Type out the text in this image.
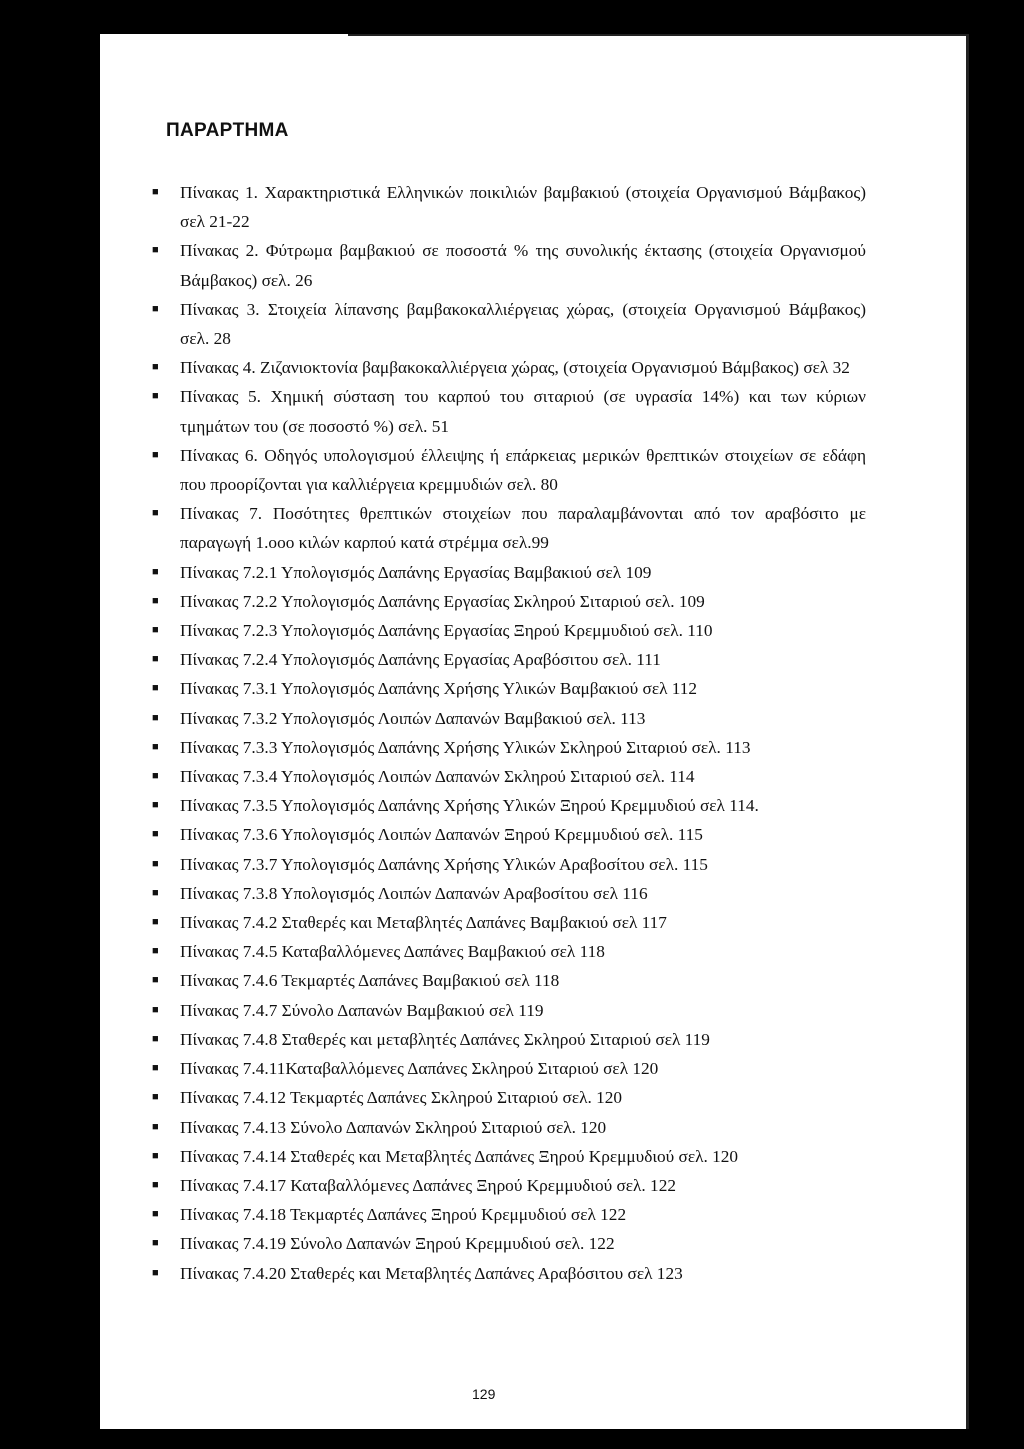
ΠΑΡΑΡΤΗΜΑ
■ Πίνακας 1. Χαρακτηριστικά Ελληνικών ποικιλιών βαμβακιού (στοιχεία Οργανισμού Βάμβακος) σελ 21-22
■ Πίνακας 2. Φύτρωμα βαμβακιού σε ποσοστά % της συνολικής έκτασης (στοιχεία Οργανισμού Βάμβακος) σελ. 26
■ Πίνακας 3. Στοιχεία λίπανσης βαμβακοκαλλιέργειας χώρας, (στοιχεία Οργανισμού Βάμβακος) σελ. 28
■ Πίνακας 4. Ζιζανιοκτονία βαμβακοκαλλιέργεια χώρας, (στοιχεία Οργανισμού Βάμβακος) σελ 32
■ Πίνακας 5. Χημική σύσταση του καρπού του σιταριού (σε υγρασία 14%) και των κύριων τμημάτων του (σε ποσοστό %) σελ. 51
■ Πίνακας 6. Οδηγός υπολογισμού έλλειψης ή επάρκειας μερικών θρεπτικών στοιχείων σε εδάφη που προορίζονται για καλλιέργεια κρεμμυδιών σελ. 80
■ Πίνακας 7. Ποσότητες θρεπτικών στοιχείων που παραλαμβάνονται από τον αραβόσιτο με παραγωγή 1.οοο κιλών καρπού κατά στρέμμα σελ.99
■ Πίνακας 7.2.1 Υπολογισμός Δαπάνης Εργασίας Βαμβακιού σελ 109
■ Πίνακας 7.2.2 Υπολογισμός Δαπάνης Εργασίας Σκληρού Σιταριού σελ. 109
■ Πίνακας 7.2.3 Υπολογισμός Δαπάνης Εργασίας Ξηρού Κρεμμυδιού σελ. 110
■ Πίνακας 7.2.4 Υπολογισμός Δαπάνης Εργασίας Αραβόσιτου σελ. 111
■ Πίνακας 7.3.1 Υπολογισμός Δαπάνης Χρήσης Υλικών Βαμβακιού σελ 112
■ Πίνακας 7.3.2 Υπολογισμός Λοιπών Δαπανών Βαμβακιού σελ. 113
■ Πίνακας 7.3.3 Υπολογισμός Δαπάνης Χρήσης Υλικών Σκληρού Σιταριού σελ. 113
■ Πίνακας 7.3.4 Υπολογισμός Λοιπών Δαπανών Σκληρού Σιταριού σελ. 114
■ Πίνακας 7.3.5 Υπολογισμός Δαπάνης Χρήσης Υλικών Ξηρού Κρεμμυδιού σελ 114.
■ Πίνακας 7.3.6 Υπολογισμός Λοιπών Δαπανών Ξηρού Κρεμμυδιού σελ. 115
■ Πίνακας 7.3.7 Υπολογισμός Δαπάνης Χρήσης Υλικών Αραβοσίτου σελ. 115
■ Πίνακας 7.3.8 Υπολογισμός Λοιπών Δαπανών Αραβοσίτου σελ 116
■ Πίνακας 7.4.2 Σταθερές και Μεταβλητές Δαπάνες Βαμβακιού σελ 117
■ Πίνακας 7.4.5 Καταβαλλόμενες Δαπάνες Βαμβακιού σελ 118
■ Πίνακας 7.4.6 Τεκμαρτές Δαπάνες Βαμβακιού σελ 118
■ Πίνακας 7.4.7 Σύνολο Δαπανών Βαμβακιού σελ 119
■ Πίνακας 7.4.8 Σταθερές και μεταβλητές Δαπάνες Σκληρού Σιταριού σελ 119
■ Πίνακας 7.4.11Καταβαλλόμενες Δαπάνες Σκληρού Σιταριού σελ 120
■ Πίνακας 7.4.12 Τεκμαρτές Δαπάνες Σκληρού Σιταριού σελ. 120
■ Πίνακας 7.4.13 Σύνολο Δαπανών Σκληρού Σιταριού σελ. 120
■ Πίνακας 7.4.14 Σταθερές και Μεταβλητές Δαπάνες Ξηρού Κρεμμυδιού σελ. 120
■ Πίνακας 7.4.17 Καταβαλλόμενες Δαπάνες Ξηρού Κρεμμυδιού σελ. 122
■ Πίνακας 7.4.18 Τεκμαρτές Δαπάνες Ξηρού Κρεμμυδιού σελ 122
■ Πίνακας 7.4.19 Σύνολο Δαπανών Ξηρού Κρεμμυδιού σελ. 122
■ Πίνακας 7.4.20 Σταθερές και Μεταβλητές Δαπάνες Αραβόσιτου σελ 123

129
